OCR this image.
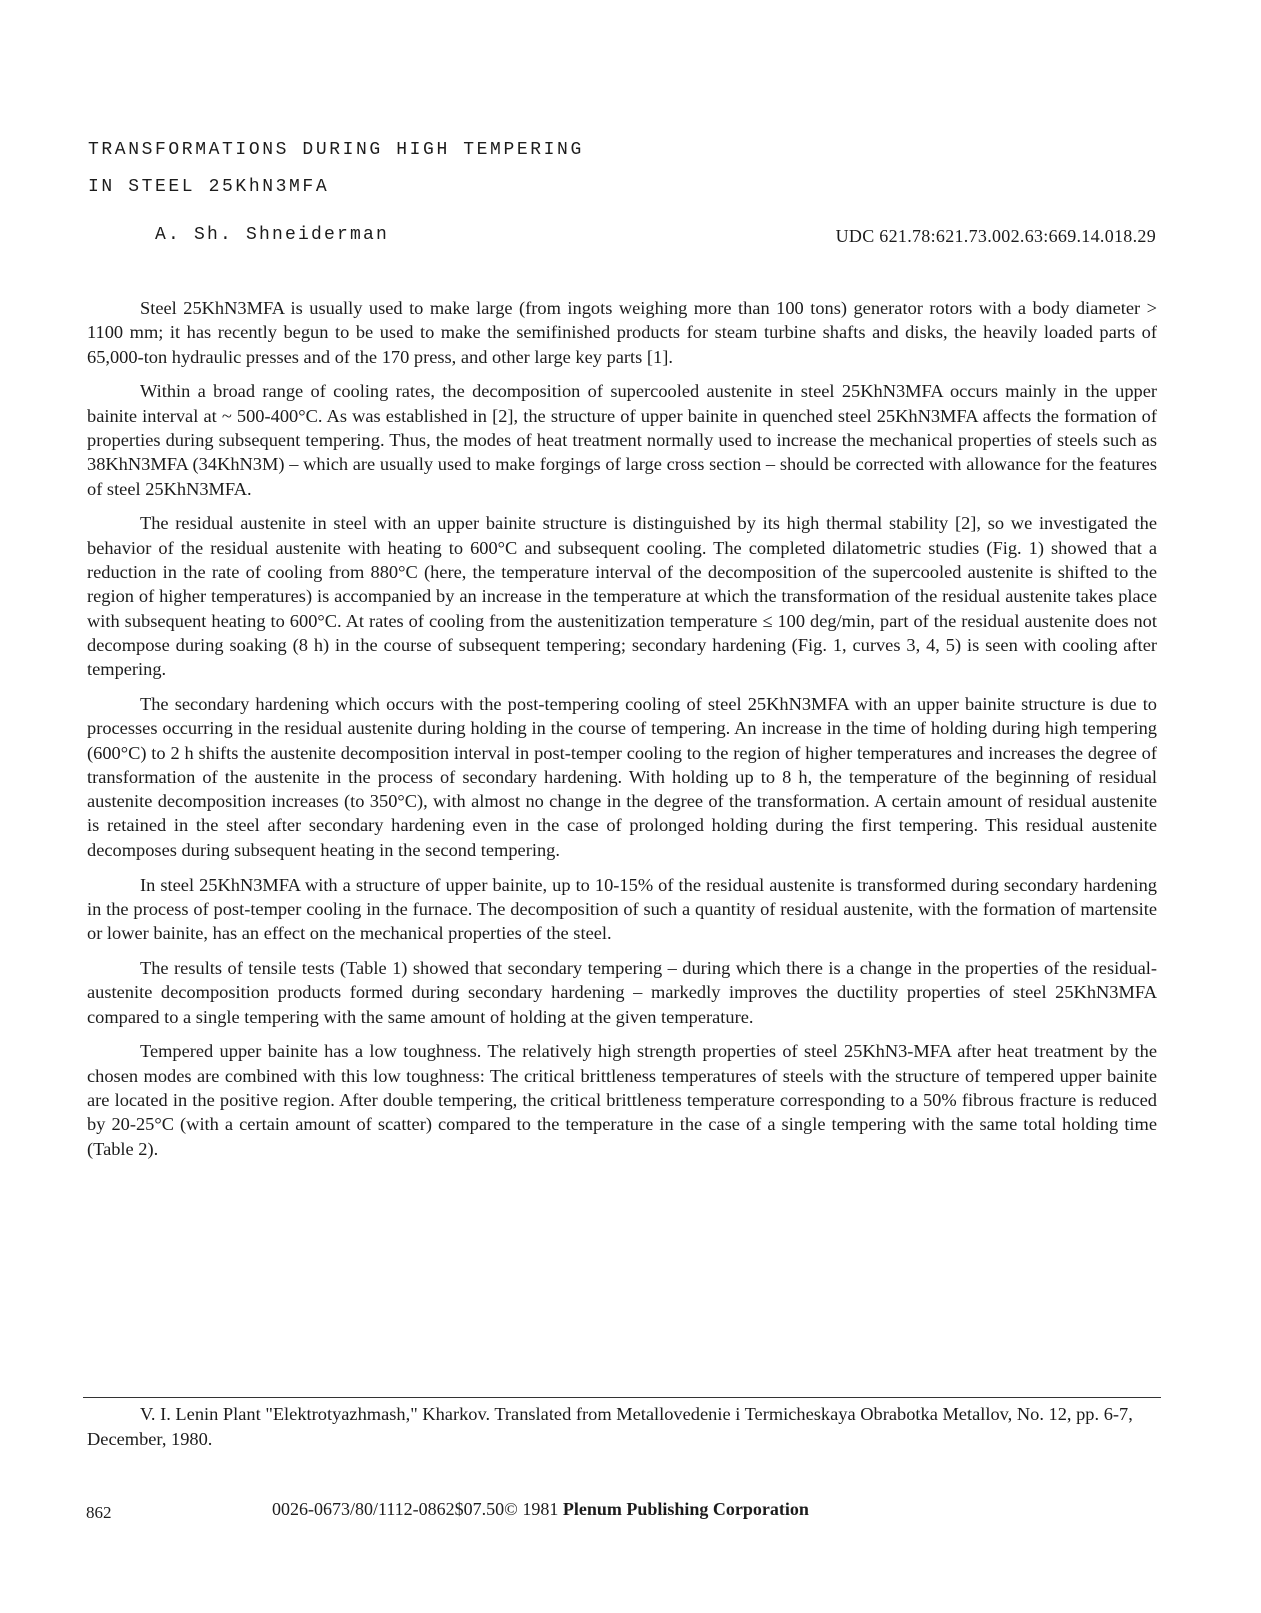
TRANSFORMATIONS DURING HIGH TEMPERING
IN STEEL 25KhN3MFA
A. Sh. Shneiderman	UDC 621.78:621.73.002.63:669.14.018.29

Steel 25KhN3MFA is usually used to make large (from ingots weighing more than 100 tons) generator rotors with a body diameter > 1100 mm; it has recently begun to be used to make the semifinished products for steam turbine shafts and disks, the heavily loaded parts of 65,000-ton hydraulic presses and of the 170 press, and other large key parts [1].

Within a broad range of cooling rates, the decomposition of supercooled austenite in steel 25KhN3MFA occurs mainly in the upper bainite interval at ~ 500-400°C. As was established in [2], the structure of upper bainite in quenched steel 25KhN3MFA affects the formation of properties during subsequent tempering. Thus, the modes of heat treatment normally used to increase the mechanical properties of steels such as 38KhN3MFA (34KhN3M) – which are usually used to make forgings of large cross section – should be corrected with allowance for the features of steel 25KhN3MFA.

The residual austenite in steel with an upper bainite structure is distinguished by its high thermal stability [2], so we investigated the behavior of the residual austenite with heating to 600°C and subsequent cooling. The completed dilatometric studies (Fig. 1) showed that a reduction in the rate of cooling from 880°C (here, the temperature interval of the decomposition of the supercooled austenite is shifted to the region of higher temperatures) is accompanied by an increase in the temperature at which the transformation of the residual austenite takes place with subsequent heating to 600°C. At rates of cooling from the austenitization temperature ≤ 100 deg/min, part of the residual austenite does not decompose during soaking (8 h) in the course of subsequent tempering; secondary hardening (Fig. 1, curves 3, 4, 5) is seen with cooling after tempering.

The secondary hardening which occurs with the post-tempering cooling of steel 25KhN3MFA with an upper bainite structure is due to processes occurring in the residual austenite during holding in the course of tempering. An increase in the time of holding during high tempering (600°C) to 2 h shifts the austenite decomposition interval in post-temper cooling to the region of higher temperatures and increases the degree of transformation of the austenite in the process of secondary hardening. With holding up to 8 h, the temperature of the beginning of residual austenite decomposition increases (to 350°C), with almost no change in the degree of the transformation. A certain amount of residual austenite is retained in the steel after secondary hardening even in the case of prolonged holding during the first tempering. This residual austenite decomposes during subsequent heating in the second tempering.

In steel 25KhN3MFA with a structure of upper bainite, up to 10-15% of the residual austenite is transformed during secondary hardening in the process of post-temper cooling in the furnace. The decomposition of such a quantity of residual austenite, with the formation of martensite or lower bainite, has an effect on the mechanical properties of the steel.

The results of tensile tests (Table 1) showed that secondary tempering – during which there is a change in the properties of the residual-austenite decomposition products formed during secondary hardening – markedly improves the ductility properties of steel 25KhN3MFA compared to a single tempering with the same amount of holding at the given temperature.

Tempered upper bainite has a low toughness. The relatively high strength properties of steel 25KhN3-MFA after heat treatment by the chosen modes are combined with this low toughness: The critical brittleness temperatures of steels with the structure of tempered upper bainite are located in the positive region. After double tempering, the critical brittleness temperature corresponding to a 50% fibrous fracture is reduced by 20-25°C (with a certain amount of scatter) compared to the temperature in the case of a single tempering with the same total holding time (Table 2).

V. I. Lenin Plant "Elektrotyazhmash," Kharkov. Translated from Metallovedenie i Termicheskaya Obrabotka Metallov, No. 12, pp. 6-7, December, 1980.

862	0026-0673/80/1112-0862$07.50© 1981 Plenum Publishing Corporation
